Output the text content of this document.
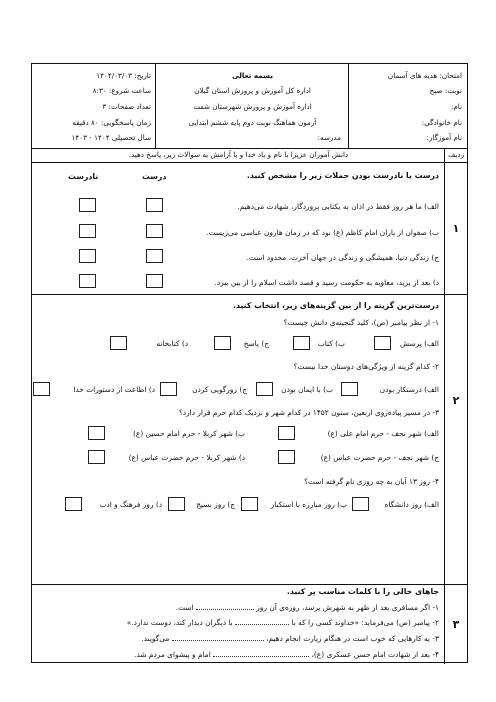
امتحان: هدیه های آسمان
نوبت: صبح
نام:
نام خانوادگی:
نام آموزگار:
بسمه تعالی
اداره کل آموزش و پرورش استان گیلان
اداره آموزش و پرورش شهرستان شفت
آزمون هماهنگ نوبت دوم پایه ششم ابتدایی
مدرسه:
تاریخ: ۱۴۰۴/۰۳/۰۳
ساعت شروع: ۸:۳۰
تعداد صفحات: ۳
زمان پاسخگویی: ۸۰ دقیقه
سال تحصیلی ۱۴۰۴ - ۱۴۰۳
ردیف
دانش آموزان عزیزا با نام و یاد خدا و با آرامش به سوالات زیر، پاسخ دهید.
۱
درست یا نادرست بودن جملات زیر را مشخص کنید.
درست
نادرست
الف) ما هر روز فقط در اذان به یکتایی پروردگار، شهادت می‌دهیم.
ب) صفوان از یاران امام کاظم (ع) بود که در زمان هارون عباسی می‌زیست.
ج) زندگی دنیا، همیشگی و زندگی در جهان آخرت، محدود است.
د) بعد از یزید، معاویه به حکومت رسید و قصد داشت اسلام را از بین ببرد.
۲
درست‌ترین گزینه را از بین گزینه‌های زیر، انتخاب کنید.
۱- از نظر پیامبر (ص)، کلید گنجینه‌ی دانش چیست؟
الف) پرسش
ب) کتاب
ج) پاسخ
د) کتابخانه
۲- کدام گزینه از ویژگی‌های دوستان خدا نیست؟
الف) درستکار بودن
ب) با ایمان بودن
ج) زورگویی کردن
د) اطاعت از دستورات خدا
۳- در مسیر پیاده‌روی اربعین، ستون ۱۴۵۲ در کدام شهر و نزدیک کدام حرم قرار دارد؟
الف) شهر نجف - حرم امام علی (ع)
ب) شهر کربلا - حرم امام حسین (ع)
ج) شهر نجف - حرم حضرت عباس (ع)
د) شهر کربلا - حرم حضرت عباس (ع)
۴- روز ۱۳ آبان به چه روزی نام گرفته است؟
الف) روز دانشگاه
ب) روز مبارزه با استکبار
ج) روز بسیج
د) روز فرهنگ و ادب
۳
جاهای خالی را با کلمات مناسب پر کنید.
۱- اگر مسافری بعد از ظهر به شهرش برسد، روزه‌ی آن روز  است.
۲- پیامبر (ص) می‌فرماید: «خداوند کسی را که با  با دیگران دیدار کند، دوست ندارد.»
۳- به کارهایی که خوب است در هنگام زیارت انجام دهیم،  می‌گویند.
۴- بعد از شهادت امام حسن عسکری (ع)،  امام و پیشوای مردم شد.
